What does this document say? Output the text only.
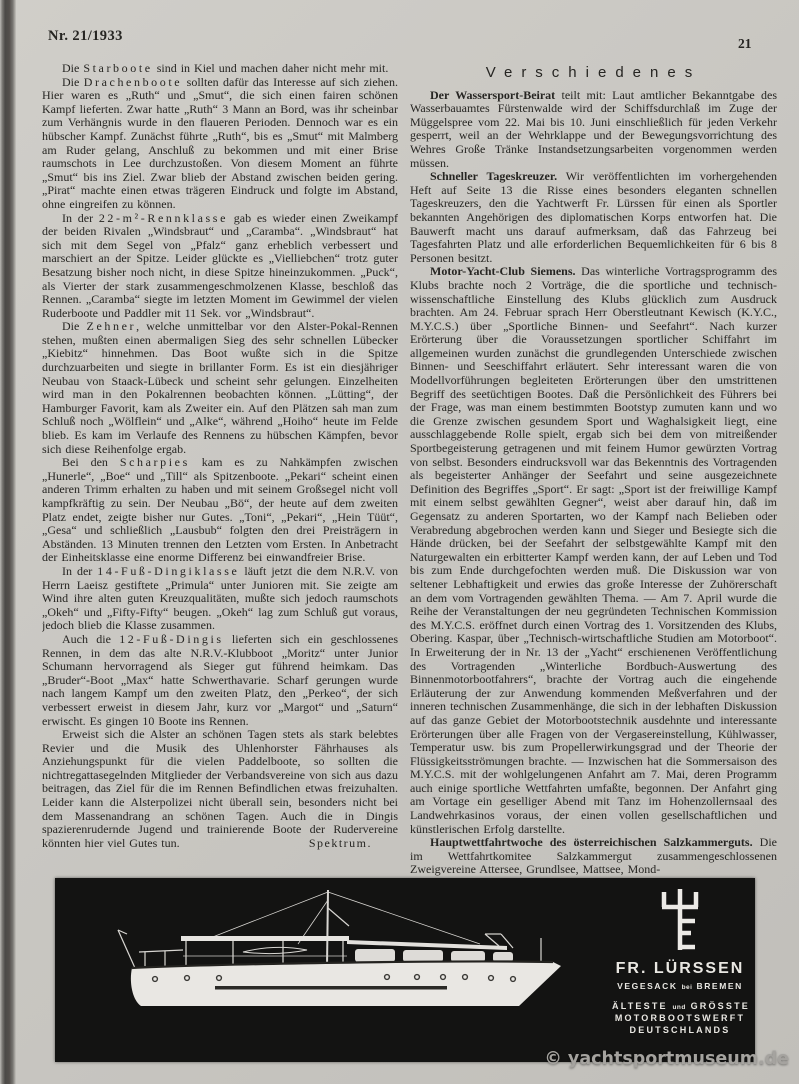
Nr. 21/1933	21

Die Starboote sind in Kiel und machen daher nicht mehr mit.

Die Drachenboote sollten dafür das Interesse auf sich ziehen. Hier waren es „Ruth“ und „Smut“, die sich einen fairen schönen Kampf lieferten. Zwar hatte „Ruth“ 3 Mann an Bord, was ihr scheinbar zum Verhängnis wurde in den flaueren Perioden. Dennoch war es ein hübscher Kampf. Zunächst führte „Ruth“, bis es „Smut“ mit Malmberg am Ruder gelang, Anschluß zu bekommen und mit einer Brise raumschots in Lee durchzustoßen. Von diesem Moment an führte „Smut“ bis ins Ziel. Zwar blieb der Abstand zwischen beiden gering. „Pirat“ machte einen etwas trägeren Eindruck und folgte im Abstand, ohne eingreifen zu können.

In der 22-m²-Rennklasse gab es wieder einen Zweikampf der beiden Rivalen „Windsbraut“ und „Caramba“. „Windsbraut“ hat sich mit dem Segel von „Pfalz“ ganz erheblich verbessert und marschiert an der Spitze. Leider glückte es „Vielliebchen“ trotz guter Besatzung bisher noch nicht, in diese Spitze hineinzukommen. „Puck“, als Vierter der stark zusammengeschmolzenen Klasse, beschloß das Rennen. „Caramba“ siegte im letzten Moment im Gewimmel der vielen Ruderboote und Paddler mit 11 Sek. vor „Windsbraut“.

Die Zehner, welche unmittelbar vor den Alster-Pokal-Rennen stehen, mußten einen abermaligen Sieg des sehr schnellen Lübecker „Kiebitz“ hinnehmen. Das Boot wußte sich in die Spitze durchzuarbeiten und siegte in brillanter Form. Es ist ein diesjähriger Neubau von Staack-Lübeck und scheint sehr gelungen. Einzelheiten wird man in den Pokalrennen beobachten können. „Lütting“, der Hamburger Favorit, kam als Zweiter ein. Auf den Plätzen sah man zum Schluß noch „Wölflein“ und „Alke“, während „Hoiho“ heute im Felde blieb. Es kam im Verlaufe des Rennens zu hübschen Kämpfen, bevor sich diese Reihenfolge ergab.

Bei den Scharpies kam es zu Nahkämpfen zwischen „Hunerle“, „Boe“ und „Till“ als Spitzenboote. „Pekari“ scheint einen anderen Trimm erhalten zu haben und mit seinem Großsegel nicht voll kampfkräftig zu sein. Der Neubau „Bö“, der heute auf dem zweiten Platz endet, zeigte bisher nur Gutes. „Toni“, „Pekari“, „Hein Tüüt“, „Gesa“ und schließlich „Lausbub“ folgten den drei Preisträgern in Abständen. 13 Minuten trennen den Letzten vom Ersten. In Anbetracht der Einheitsklasse eine enorme Differenz bei einwandfreier Brise.

In der 14-Fuß-Dingiklasse läuft jetzt die dem N.R.V. von Herrn Laeisz gestiftete „Primula“ unter Junioren mit. Sie zeigte am Wind ihre alten guten Kreuzqualitäten, mußte sich jedoch raumschots „Okeh“ und „Fifty-Fifty“ beugen. „Okeh“ lag zum Schluß gut voraus, jedoch blieb die Klasse zusammen.

Auch die 12-Fuß-Dingis lieferten sich ein geschlossenes Rennen, in dem das alte N.R.V.-Klubboot „Moritz“ unter Junior Schumann hervorragend als Sieger gut führend heimkam. Das „Bruder“-Boot „Max“ hatte Schwerthavarie. Scharf gerungen wurde nach langem Kampf um den zweiten Platz, den „Perkeo“, der sich verbessert erweist in diesem Jahr, kurz vor „Margot“ und „Saturn“ erwischt. Es gingen 10 Boote ins Rennen.

Erweist sich die Alster an schönen Tagen stets als stark belebtes Revier und die Musik des Uhlenhorster Fährhauses als Anziehungspunkt für die vielen Paddelboote, so sollten die nichtregattasegelnden Mitglieder der Verbandsvereine von sich aus dazu beitragen, das Ziel für die im Rennen Befindlichen etwas freizuhalten. Leider kann die Alsterpolizei nicht überall sein, besonders nicht bei dem Massenandrang an schönen Tagen. Auch die in Dingis spazierenrudernde Jugend und trainierende Boote der Rudervereine könnten hier viel Gutes tun.	Spektrum.

Verschiedenes

Der Wassersport-Beirat teilt mit: Laut amtlicher Bekanntgabe des Wasserbauamtes Fürstenwalde wird der Schiffsdurchlaß im Zuge der Müggelspree vom 22. Mai bis 10. Juni einschließlich für jeden Verkehr gesperrt, weil an der Wehrklappe und der Bewegungsvorrichtung des Wehres Große Tränke Instandsetzungsarbeiten vorgenommen werden müssen.

Schneller Tageskreuzer. Wir veröffentlichten im vorhergehenden Heft auf Seite 13 die Risse eines besonders eleganten schnellen Tageskreuzers, den die Yachtwerft Fr. Lürssen für einen als Sportler bekannten Angehörigen des diplomatischen Korps entworfen hat. Die Bauwerft macht uns darauf aufmerksam, daß das Fahrzeug bei Tagesfahrten Platz und alle erforderlichen Bequemlichkeiten für 6 bis 8 Personen besitzt.

Motor-Yacht-Club Siemens. Das winterliche Vortragsprogramm des Klubs brachte noch 2 Vorträge, die die sportliche und technisch-wissenschaftliche Einstellung des Klubs glücklich zum Ausdruck brachten. Am 24. Februar sprach Herr Oberstleutnant Kewisch (K.Y.C., M.Y.C.S.) über „Sportliche Binnen- und Seefahrt“. Nach kurzer Erörterung über die Voraussetzungen sportlicher Schiffahrt im allgemeinen wurden zunächst die grundlegenden Unterschiede zwischen Binnen- und Seeschiffahrt erläutert. Sehr interessant waren die von Modellvorführungen begleiteten Erörterungen über den umstrittenen Begriff des seetüchtigen Bootes. Daß die Persönlichkeit des Führers bei der Frage, was man einem bestimmten Bootstyp zumuten kann und wo die Grenze zwischen gesundem Sport und Waghalsigkeit liegt, eine ausschlaggebende Rolle spielt, ergab sich bei dem von mitreißender Sportbegeisterung getragenen und mit feinem Humor gewürzten Vortrag von selbst. Besonders eindrucksvoll war das Bekenntnis des Vortragenden als begeisterter Anhänger der Seefahrt und seine ausgezeichnete Definition des Begriffes „Sport“. Er sagt: „Sport ist der freiwillige Kampf mit einem selbst gewählten Gegner“, weist aber darauf hin, daß im Gegensatz zu anderen Sportarten, wo der Kampf nach Belieben oder Verabredung abgebrochen werden kann und Sieger und Besiegte sich die Hände drücken, bei der Seefahrt der selbstgewählte Kampf mit den Naturgewalten ein erbitterter Kampf werden kann, der auf Leben und Tod bis zum Ende durchgefochten werden muß. Die Diskussion war von seltener Lebhaftigkeit und erwies das große Interesse der Zuhörerschaft an dem vom Vortragenden gewählten Thema. — Am 7. April wurde die Reihe der Veranstaltungen der neu gegründeten Technischen Kommission des M.Y.C.S. eröffnet durch einen Vortrag des 1. Vorsitzenden des Klubs, Obering. Kaspar, über „Technisch-wirtschaftliche Studien am Motorboot“. In Erweiterung der in Nr. 13 der „Yacht“ erschienenen Veröffentlichung des Vortragenden „Winterliche Bordbuch-Auswertung des Binnenmotorbootfahrers“, brachte der Vortrag auch die eingehende Erläuterung der zur Anwendung kommenden Meßverfahren und der inneren technischen Zusammenhänge, die sich in der lebhaften Diskussion auf das ganze Gebiet der Motorbootstechnik ausdehnte und interessante Erörterungen über alle Fragen von der Vergasereinstellung, Kühlwasser, Temperatur usw. bis zum Propellerwirkungsgrad und der Theorie der Flüssigkeitsströmungen brachte. — Inzwischen hat die Sommersaison des M.Y.C.S. mit der wohlgelungenen Anfahrt am 7. Mai, deren Programm auch einige sportliche Wettfahrten umfaßte, begonnen. Der Anfahrt ging am Vortage ein geselliger Abend mit Tanz im Hohenzollernsaal des Landwehrkasinos voraus, der einen vollen gesellschaftlichen und künstlerischen Erfolg darstellte.

Hauptwettfahrtwoche des österreichischen Salzkammerguts. Die im Wettfahrtkomitee Salzkammergut zusammengeschlossenen Zweigvereine Attersee, Grundlsee, Mattsee, Mond-

FR. LÜRSSEN
VEGESACK bei BREMEN
ÄLTESTE und GRÖSSTE
MOTORBOOTSWERFT
DEUTSCHLANDS
© yachtsportmuseum.de
